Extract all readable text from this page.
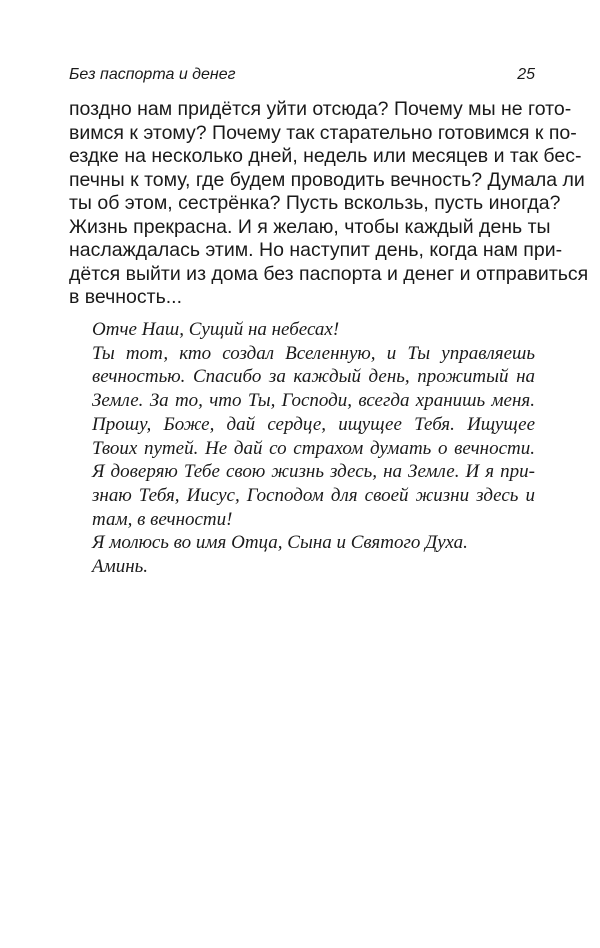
Без паспорта и денег	25
поздно нам придётся уйти отсюда? Почему мы не гото-
вимся к этому? Почему так старательно готовимся к по-
ездке на несколько дней, недель или месяцев и так бес-
печны к тому, где будем проводить вечность? Думала ли
ты об этом, сестрёнка? Пусть вскользь, пусть иногда?
Жизнь прекрасна. И я желаю, чтобы каждый день ты
наслаждалась этим. Но наступит день, когда нам при-
дётся выйти из дома без паспорта и денег и отправиться
в вечность...
Отче Наш, Сущий на небесах!
Ты тот, кто создал Вселенную, и Ты управляешь
вечностью. Спасибо за каждый день, прожитый на
Земле. За то, что Ты, Господи, всегда хранишь меня.
Прошу, Боже, дай сердце, ищущее Тебя. Ищущее
Твоих путей. Не дай со страхом думать о вечности.
Я доверяю Тебе свою жизнь здесь, на Земле. И я при-
знаю Тебя, Иисус, Господом для своей жизни здесь и
там, в вечности!
Я молюсь во имя Отца, Сына и Святого Духа.
Аминь.
